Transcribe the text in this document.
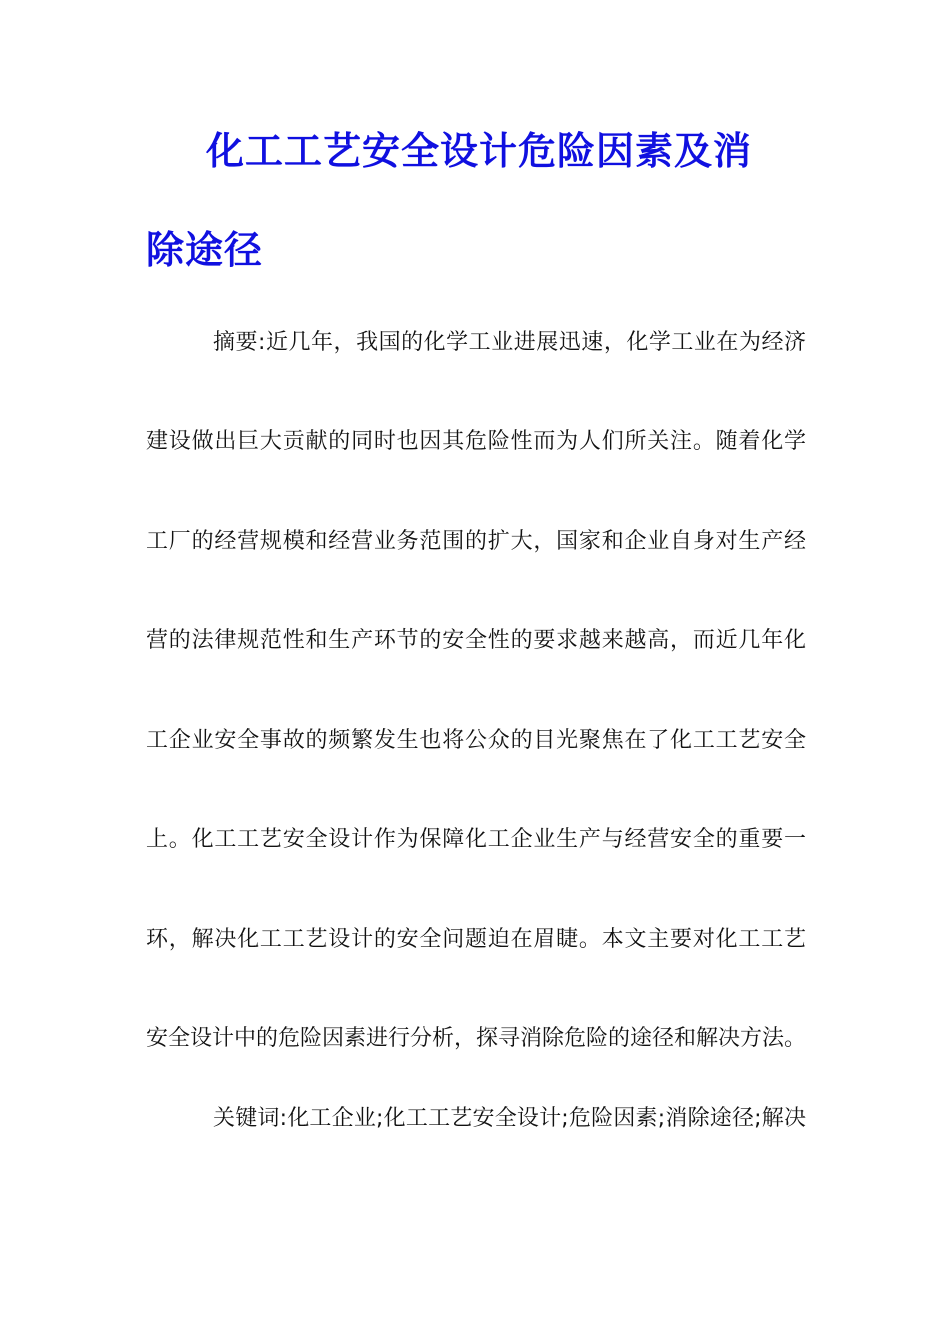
化工工艺安全设计危险因素及消
除途径
摘要:近几年，我国的化学工业进展迅速，化学工业在为经济
建设做出巨大贡献的同时也因其危险性而为人们所关注。随着化学
工厂的经营规模和经营业务范围的扩大，国家和企业自身对生产经
营的法律规范性和生产环节的安全性的要求越来越高，而近几年化
工企业安全事故的频繁发生也将公众的目光聚焦在了化工工艺安全
上。化工工艺安全设计作为保障化工企业生产与经营安全的重要一
环，解决化工工艺设计的安全问题迫在眉睫。本文主要对化工工艺
安全设计中的危险因素进行分析，探寻消除危险的途径和解决方法。
关键词:化工企业;化工工艺安全设计;危险因素;消除途径;解决
